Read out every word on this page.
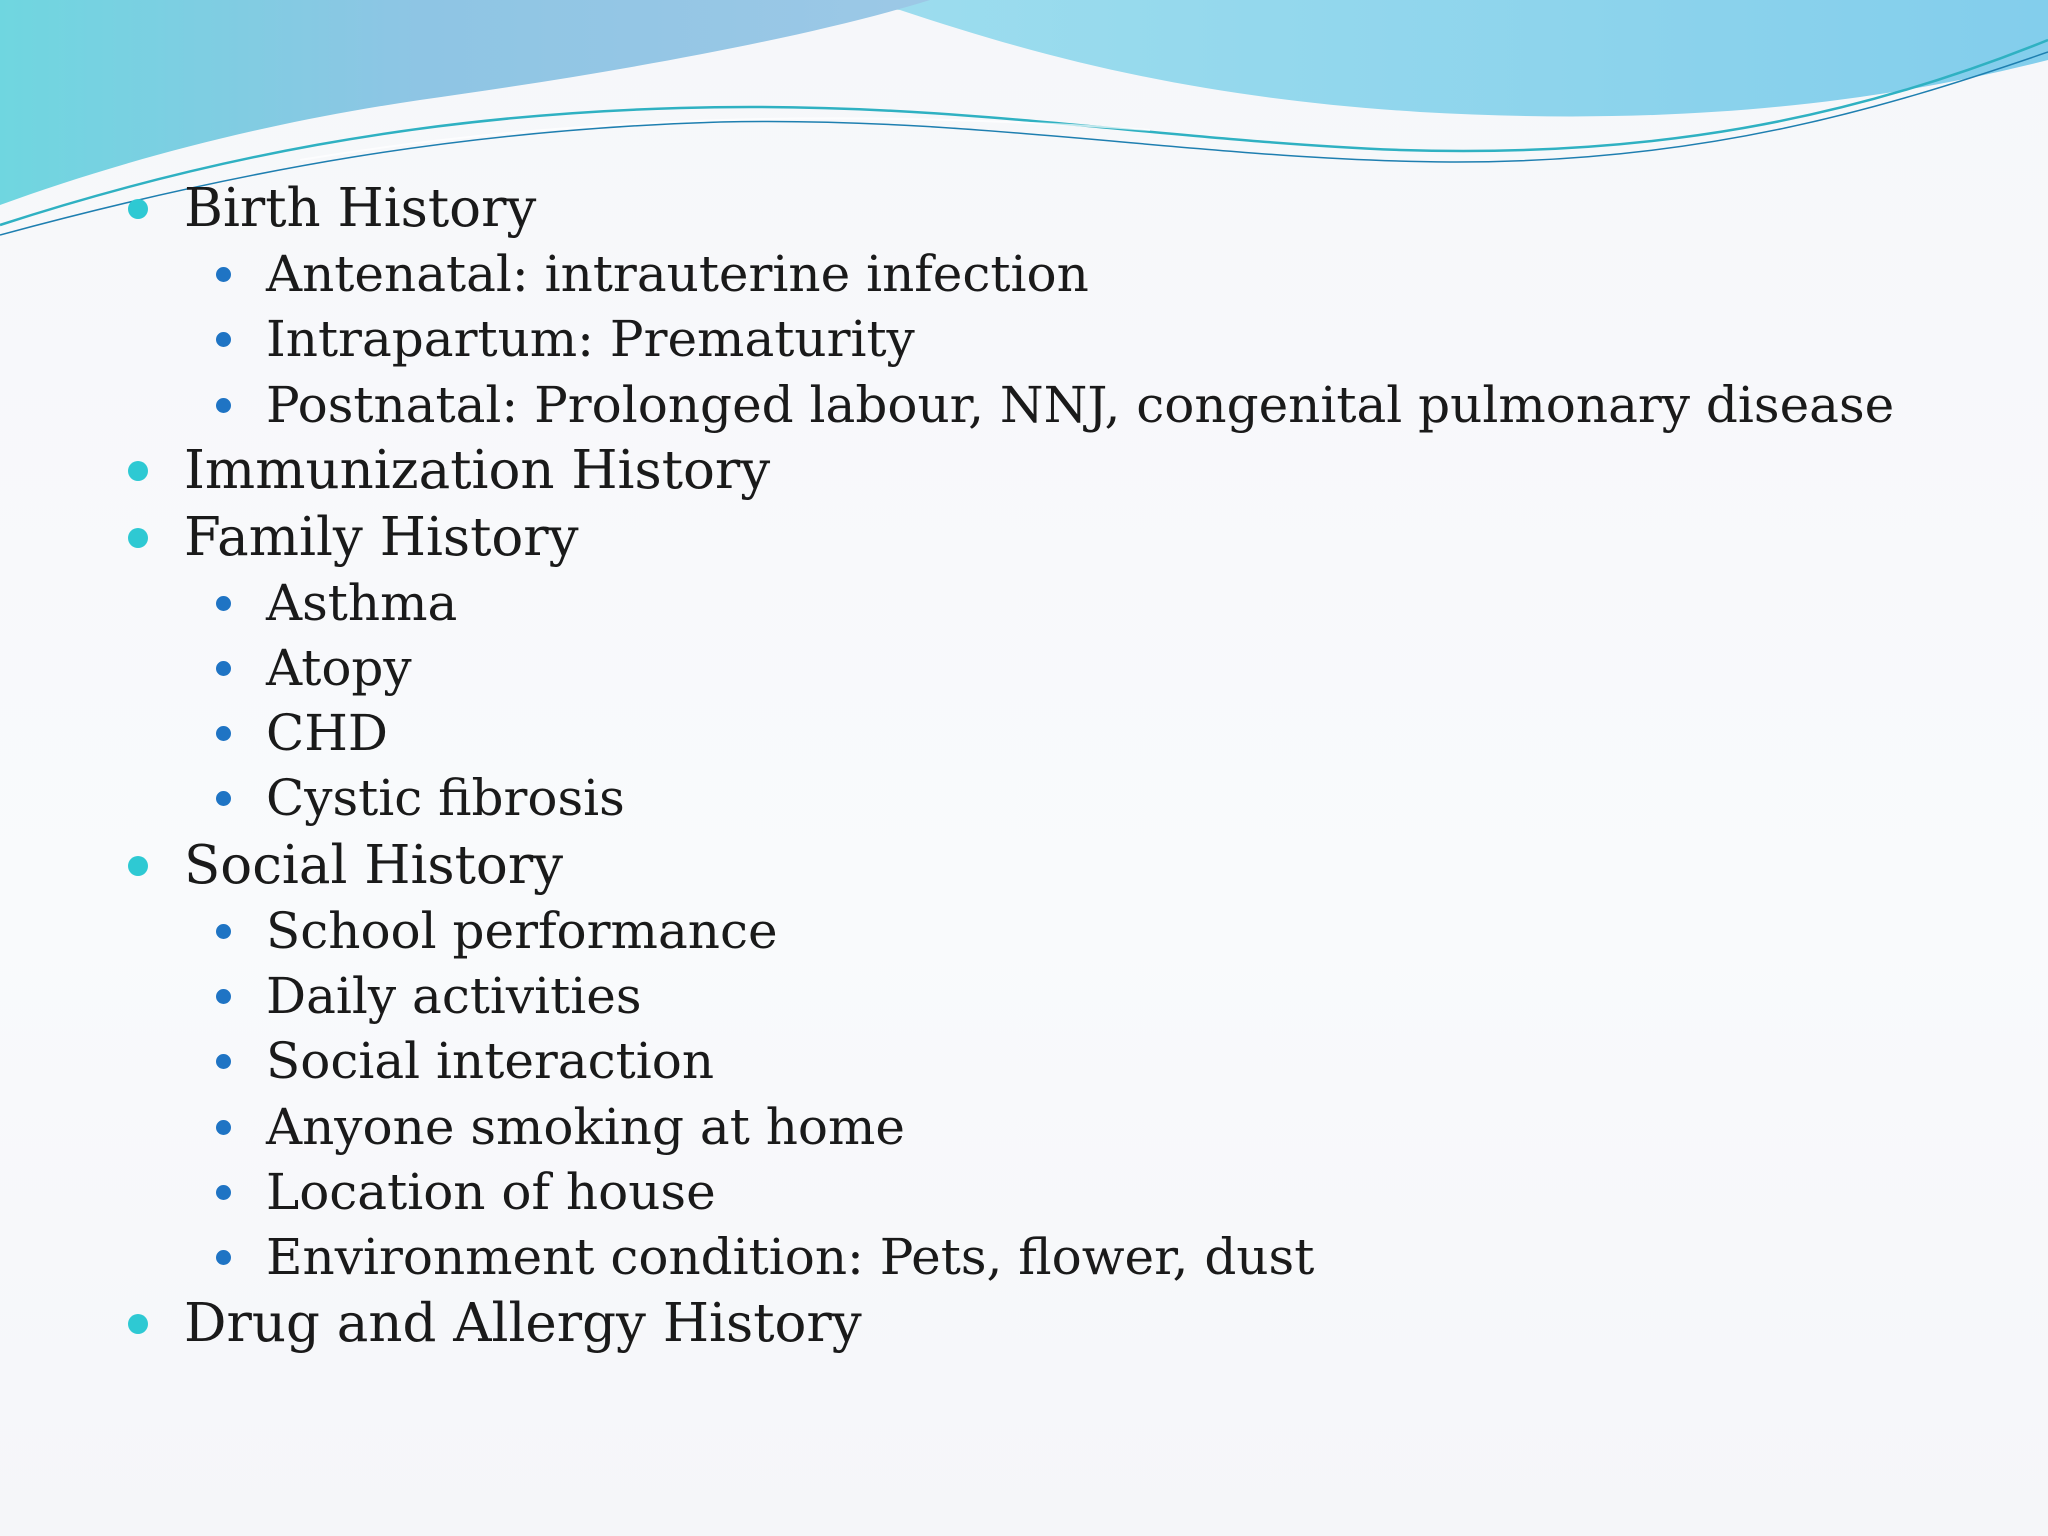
Birth History
Antenatal: intrauterine infection
Intrapartum: Prematurity
Postnatal: Prolonged labour, NNJ, congenital pulmonary disease
Immunization History
Family History
Asthma
Atopy
CHD
Cystic fibrosis
Social History
School performance
Daily activities
Social interaction
Anyone smoking at home
Location of house
Environment condition: Pets, flower, dust
Drug and Allergy History
